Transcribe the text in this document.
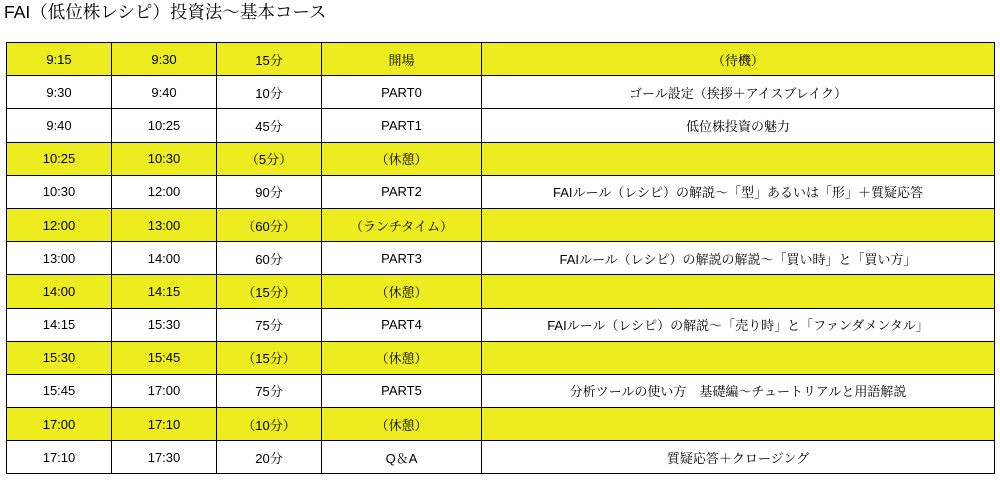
FAI（低位株レシピ）投資法～基本コース
9:15	9:30	15分	開場	（待機）
9:30	9:40	10分	PART0	ゴール設定（挨拶＋アイスブレイク）
9:40	10:25	45分	PART1	低位株投資の魅力
10:25	10:30	（5分）	（休憩）	
10:30	12:00	90分	PART2	FAIルール（レシピ）の解説～「型」あるいは「形」＋質疑応答
12:00	13:00	（60分）	（ランチタイム）	
13:00	14:00	60分	PART3	FAIルール（レシピ）の解説の解説～「買い時」と「買い方」
14:00	14:15	（15分）	（休憩）	
14:15	15:30	75分	PART4	FAIルール（レシピ）の解説～「売り時」と「ファンダメンタル」
15:30	15:45	（15分）	（休憩）	
15:45	17:00	75分	PART5	分析ツールの使い方　基礎編～チュートリアルと用語解説
17:00	17:10	（10分）	（休憩）	
17:10	17:30	20分	Q＆A	質疑応答＋クロージング
